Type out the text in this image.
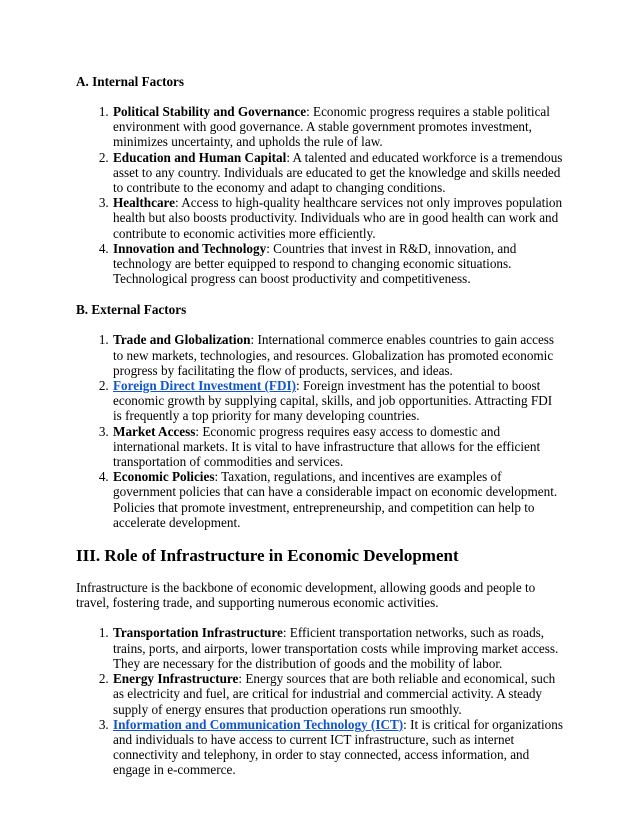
A. Internal Factors
1. Political Stability and Governance: Economic progress requires a stable political environment with good governance. A stable government promotes investment, minimizes uncertainty, and upholds the rule of law.
2. Education and Human Capital: A talented and educated workforce is a tremendous asset to any country. Individuals are educated to get the knowledge and skills needed to contribute to the economy and adapt to changing conditions.
3. Healthcare: Access to high-quality healthcare services not only improves population health but also boosts productivity. Individuals who are in good health can work and contribute to economic activities more efficiently.
4. Innovation and Technology: Countries that invest in R&D, innovation, and technology are better equipped to respond to changing economic situations. Technological progress can boost productivity and competitiveness.
B. External Factors
1. Trade and Globalization: International commerce enables countries to gain access to new markets, technologies, and resources. Globalization has promoted economic progress by facilitating the flow of products, services, and ideas.
2. Foreign Direct Investment (FDI): Foreign investment has the potential to boost economic growth by supplying capital, skills, and job opportunities. Attracting FDI is frequently a top priority for many developing countries.
3. Market Access: Economic progress requires easy access to domestic and international markets. It is vital to have infrastructure that allows for the efficient transportation of commodities and services.
4. Economic Policies: Taxation, regulations, and incentives are examples of government policies that can have a considerable impact on economic development. Policies that promote investment, entrepreneurship, and competition can help to accelerate development.
III. Role of Infrastructure in Economic Development

Infrastructure is the backbone of economic development, allowing goods and people to travel, fostering trade, and supporting numerous economic activities.

1. Transportation Infrastructure: Efficient transportation networks, such as roads, trains, ports, and airports, lower transportation costs while improving market access. They are necessary for the distribution of goods and the mobility of labor.
2. Energy Infrastructure: Energy sources that are both reliable and economical, such as electricity and fuel, are critical for industrial and commercial activity. A steady supply of energy ensures that production operations run smoothly.
3. Information and Communication Technology (ICT): It is critical for organizations and individuals to have access to current ICT infrastructure, such as internet connectivity and telephony, in order to stay connected, access information, and engage in e-commerce.
